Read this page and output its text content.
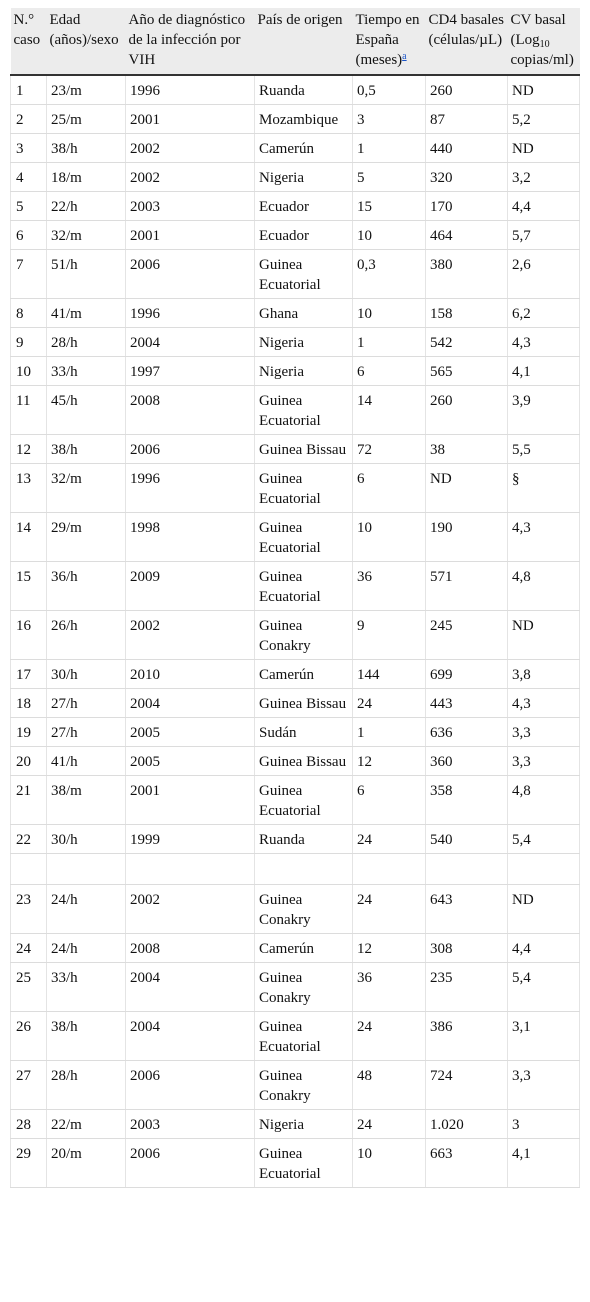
N.° caso	Edad (años)/sexo	Año de diagnóstico de la infección por VIH	País de origen	Tiempo en España (meses)$^a$	CD4 basales (células/µL)	CV basal (Log$_{10}$ copias/ml)
1	23/m	1996	Ruanda	0,5	260	ND
2	25/m	2001	Mozambique	3	87	5,2
3	38/h	2002	Camerún	1	440	ND
4	18/m	2002	Nigeria	5	320	3,2
5	22/h	2003	Ecuador	15	170	4,4
6	32/m	2001	Ecuador	10	464	5,7
7	51/h	2006	Guinea Ecuatorial	0,3	380	2,6
8	41/m	1996	Ghana	10	158	6,2
9	28/h	2004	Nigeria	1	542	4,3
10	33/h	1997	Nigeria	6	565	4,1
11	45/h	2008	Guinea Ecuatorial	14	260	3,9
12	38/h	2006	Guinea Bissau	72	38	5,5
13	32/m	1996	Guinea Ecuatorial	6	ND	§
14	29/m	1998	Guinea Ecuatorial	10	190	4,3
15	36/h	2009	Guinea Ecuatorial	36	571	4,8
16	26/h	2002	Guinea Conakry	9	245	ND
17	30/h	2010	Camerún	144	699	3,8
18	27/h	2004	Guinea Bissau	24	443	4,3
19	27/h	2005	Sudán	1	636	3,3
20	41/h	2005	Guinea Bissau	12	360	3,3
21	38/m	2001	Guinea Ecuatorial	6	358	4,8
22	30/h	1999	Ruanda	24	540	5,4

23	24/h	2002	Guinea Conakry	24	643	ND
24	24/h	2008	Camerún	12	308	4,4
25	33/h	2004	Guinea Conakry	36	235	5,4
26	38/h	2004	Guinea Ecuatorial	24	386	3,1
27	28/h	2006	Guinea Conakry	48	724	3,3
28	22/m	2003	Nigeria	24	1.020	3
29	20/m	2006	Guinea Ecuatorial	10	663	4,1
